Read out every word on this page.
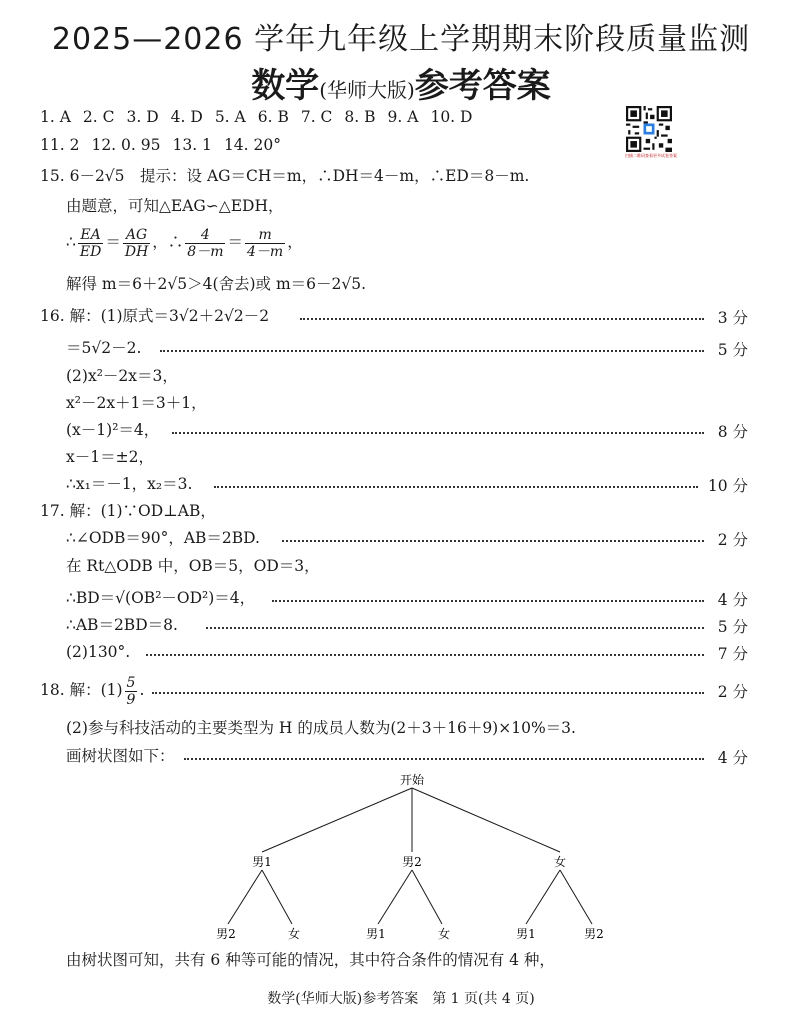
2025—2026 学年九年级上学期期末阶段质量监测
数学(华师大版)参考答案
扫描二维码查看更多试卷答案
1. A 2. C 3. D 4. D 5. A 6. B 7. C 8. B 9. A 10. D
11. 2 12. 0. 95 13. 1 14. 20°
15. 6－2√5　提示：设 AG＝CH＝m，∴DH＝4－m，∴ED＝8－m.
由题意，可知△EAG∽△EDH，
∴ $\frac{EA}{ED} = \frac{AG}{DH}$ ，∴ $\frac{4}{8-m} = \frac{m}{4-m}$ ，
解得 m＝6＋2√5＞4(舍去)或 m＝6－2√5.
16. 解：(1)原式＝3√2＋2√2－2	3 分
＝5√2－2.	5 分
(2)x²－2x＝3，
x²－2x＋1＝3＋1，
(x－1)²＝4，	8 分
x－1＝±2，
∴x₁＝－1，x₂＝3.	10 分
17. 解：(1)∵OD⊥AB，
∴∠ODB＝90°，AB＝2BD.	2 分
在 Rt△ODB 中，OB＝5，OD＝3，
∴BD＝√(OB²－OD²)＝4，	4 分
∴AB＝2BD＝8.	5 分
(2)130°.	7 分
18. 解：$(1) \frac{5}{9}$ .	2 分
(2)参与科技活动的主要类型为 H 的成员人数为(2＋3＋16＋9)×10%＝3.
画树状图如下：	4 分
开始
男1	男2	女
男2	女	男1	女	男1	男2
由树状图可知，共有 6 种等可能的情况，其中符合条件的情况有 4 种，
数学(华师大版)参考答案　第 1 页(共 4 页)
